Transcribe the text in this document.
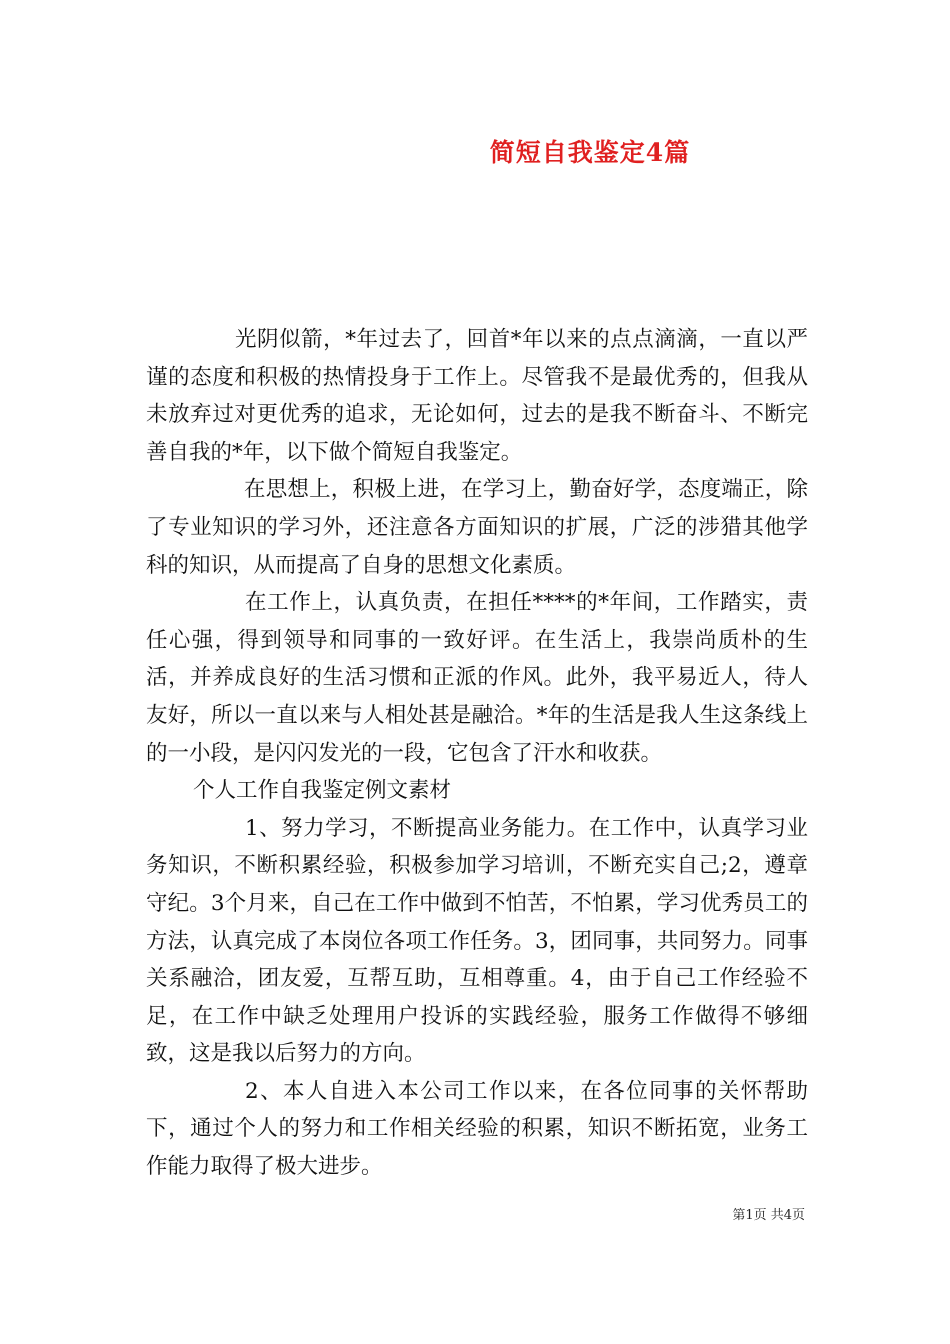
简短自我鉴定4篇

光阴似箭，*年过去了，回首*年以来的点点滴滴，一直以严谨的态度和积极的热情投身于工作上。尽管我不是最优秀的，但我从未放弃过对更优秀的追求，无论如何，过去的是我不断奋斗、不断完善自我的*年，以下做个简短自我鉴定。

在思想上，积极上进，在学习上，勤奋好学，态度端正，除了专业知识的学习外，还注意各方面知识的扩展，广泛的涉猎其他学科的知识，从而提高了自身的思想文化素质。

在工作上，认真负责，在担任****的*年间，工作踏实，责任心强，得到领导和同事的一致好评。在生活上，我崇尚质朴的生活，并养成良好的生活习惯和正派的作风。此外，我平易近人，待人友好，所以一直以来与人相处甚是融洽。*年的生活是我人生这条线上的一小段，是闪闪发光的一段，它包含了汗水和收获。

个人工作自我鉴定例文素材

1、努力学习，不断提高业务能力。在工作中，认真学习业务知识，不断积累经验，积极参加学习培训，不断充实自己;2，遵章守纪。3个月来，自己在工作中做到不怕苦，不怕累，学习优秀员工的方法，认真完成了本岗位各项工作任务。3，团同事，共同努力。同事关系融洽，团友爱，互帮互助，互相尊重。4，由于自己工作经验不足，在工作中缺乏处理用户投诉的实践经验，服务工作做得不够细致，这是我以后努力的方向。

2、本人自进入本公司工作以来，在各位同事的关怀帮助下，通过个人的努力和工作相关经验的积累，知识不断拓宽，业务工作能力取得了极大进步。

第1页 共4页
